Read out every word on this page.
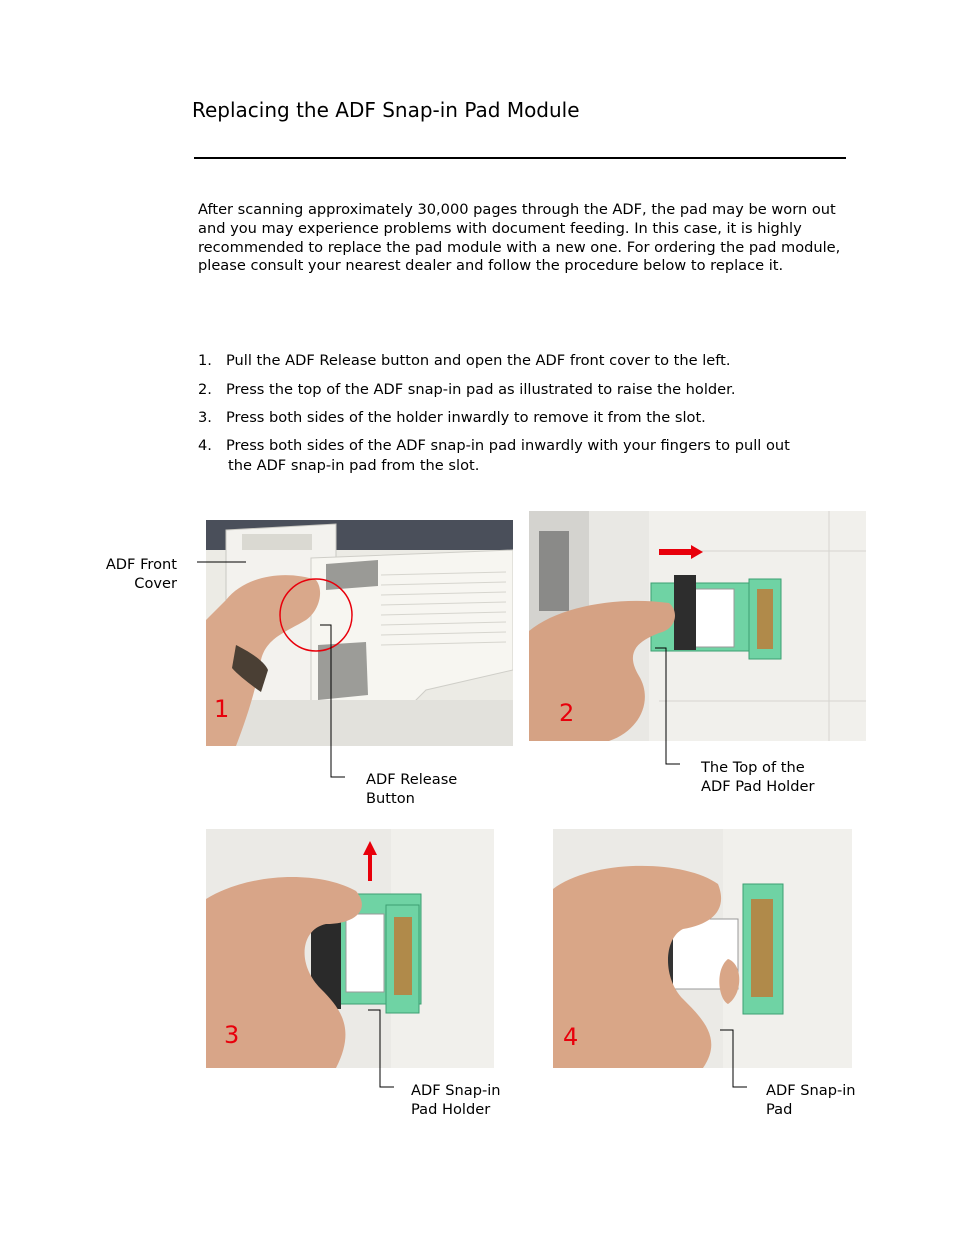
Replacing the ADF Snap-in Pad Module
After scanning approximately 30,000 pages through the ADF, the pad may be worn out and you may experience problems with document feeding. In this case, it is highly recommended to replace the pad module with a new one. For ordering the pad module, please consult your nearest dealer and follow the procedure below to replace it.
1. Pull the ADF Release button and open the ADF front cover to the left.
2. Press the top of the ADF snap-in pad as illustrated to raise the holder.
3. Press both sides of the holder inwardly to remove it from the slot.
4. Press both sides of the ADF snap-in pad inwardly with your fingers to pull out
the ADF snap-in pad from the slot.
1	2
3	4
ADF Front
Cover
ADF Release
Button
The Top of the
ADF Pad Holder
ADF Snap-in
Pad Holder
ADF Snap-in
Pad
